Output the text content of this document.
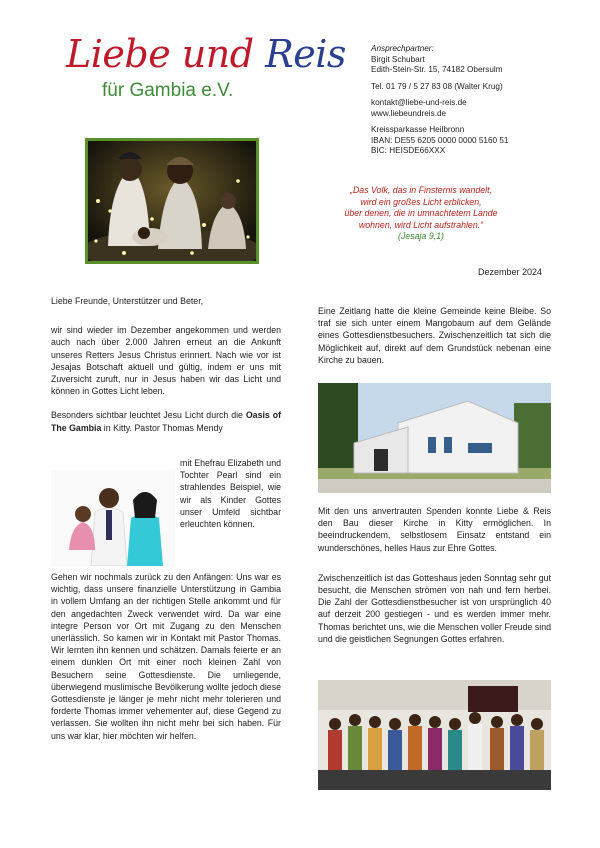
Liebe und Reis
für Gambia e.V.
Ansprechpartner:
Birgit Schubart
Edith-Stein-Str. 15, 74182 Obersulm
Tel. 01 79 / 5 27 83 08 (Walter Krug)
kontakt@liebe-und-reis.de
www.liebeundreis.de
Kreissparkasse Heilbronn
IBAN: DE55 6205 0000 0000 5160 51
BIC: HEISDE66XXX
„Das Volk, das in Finsternis wandelt,
wird ein großes Licht erblicken,
über denen, die in umnachtetem Lande
wohnen, wird Licht aufstrahlen.“
(Jesaja 9,1)
Dezember 2024

Liebe Freunde, Unterstützer und Beter,

wir sind wieder im Dezember angekommen und werden auch nach über 2.000 Jahren erneut an die Ankunft unseres Retters Jesus Christus erinnert. Nach wie vor ist Jesajas Botschaft aktuell und gültig, indem er uns mit Zuversicht zuruft, nur in Jesus haben wir das Licht und können in Gottes Licht leben.

Besonders sichtbar leuchtet Jesu Licht durch die Oasis of The Gambia in Kitty. Pastor Thomas Mendy

mit Ehefrau Elizabeth und Tochter Pearl sind ein strahlendes Beispiel, wie wir als Kinder Gottes unser Umfeld sichtbar erleuchten können.

Gehen wir nochmals zurück zu den Anfängen: Uns war es wichtig, dass unsere finanzielle Unterstützung in Gambia in vollem Umfang an der richtigen Stelle ankommt und für den angedachten Zweck verwendet wird. Da war eine integre Person vor Ort mit Zugang zu den Menschen unerlässlich. So kamen wir in Kontakt mit Pastor Thomas. Wir lernten ihn kennen und schätzen. Damals feierte er an einem dunklen Ort mit einer noch kleinen Zahl von Besuchern seine Gottesdienste. Die umliegende, überwiegend muslimische Bevölkerung wollte jedoch diese Gottesdienste je länger je mehr nicht mehr tolerieren und forderte Thomas immer vehementer auf, diese Gegend zu verlassen. Sie wollten ihn nicht mehr bei sich haben. Für uns war klar, hier möchten wir helfen.

Eine Zeitlang hatte die kleine Gemeinde keine Bleibe. So traf sie sich unter einem Mangobaum auf dem Gelände eines Gottesdienstbesuchers. Zwischenzeitlich tat sich die Möglichkeit auf, direkt auf dem Grundstück nebenan eine Kirche zu bauen.

Mit den uns anvertrauten Spenden konnte Liebe & Reis den Bau dieser Kirche in Kitty ermöglichen. In beeindruckendem, selbstlosem Einsatz entstand ein wunderschönes, helles Haus zur Ehre Gottes.

Zwischenzeitlich ist das Gotteshaus jeden Sonntag sehr gut besucht, die Menschen strömen von nah und fern herbei. Die Zahl der Gottesdienstbesucher ist von ursprünglich 40 auf derzeit 200 gestiegen - und es werden immer mehr. Thomas berichtet uns, wie die Menschen voller Freude sind und die geistlichen Segnungen Gottes erfahren.
